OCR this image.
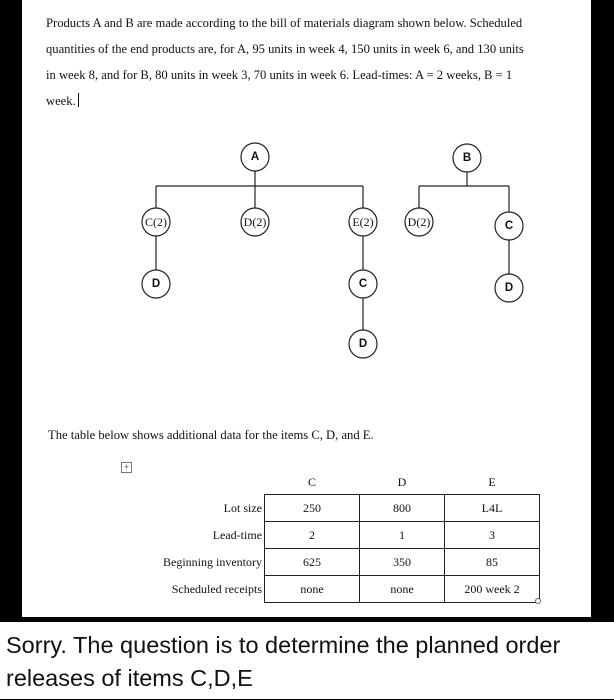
Products A and B are made according to the bill of materials diagram shown below. Scheduled
quantities of the end products are, for A, 95 units in week 4, 150 units in week 6, and 130 units
in week 8, and for B, 80 units in week 3, 70 units in week 6. Lead-times: A = 2 weeks, B = 1
week.
A	B
C(2)	D(2)	E(2)	D(2)	C
D	C
D
D
The table below shows additional data for the items C, D, and E.
+
	C	D	E
Lot size	250	800	L4L
Lead-time	2	1	3
Beginning inventory	625	350	85
Scheduled receipts	none	none	200 week 2
Sorry. The question is to determine the planned order releases of items C,D,E
